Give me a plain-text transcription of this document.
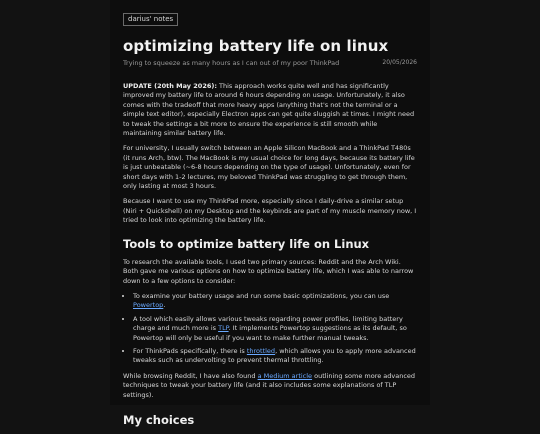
darius' notes
optimizing battery life on linux
Trying to squeeze as many hours as I can out of my poor ThinkPad	20/05/2026

UPDATE (20th May 2026): This approach works quite well and has significantly improved my battery life to around 6 hours depending on usage. Unfortunately, it also comes with the tradeoff that more heavy apps (anything that's not the terminal or a simple text editor), especially Electron apps can get quite sluggish at times. I might need to tweak the settings a bit more to ensure the experience is still smooth while maintaining similar battery life.

For university, I usually switch between an Apple Silicon MacBook and a ThinkPad T480s (it runs Arch, btw). The MacBook is my usual choice for long days, because its battery life is just unbeatable (~6-8 hours depending on the type of usage). Unfortunately, even for short days with 1-2 lectures, my beloved ThinkPad was struggling to get through them, only lasting at most 3 hours.

Because I want to use my ThinkPad more, especially since I daily-drive a similar setup (Niri + Quickshell) on my Desktop and the keybinds are part of my muscle memory now, I tried to look into optimizing the battery life.

Tools to optimize battery life on Linux

To research the available tools, I used two primary sources: Reddit and the Arch Wiki. Both gave me various options on how to optimize battery life, which I was able to narrow down to a few options to consider:

• To examine your battery usage and run some basic optimizations, you can use Powertop.
• A tool which easily allows various tweaks regarding power profiles, limiting battery charge and much more is TLP. It implements Powertop suggestions as its default, so Powertop will only be useful if you want to make further manual tweaks.
• For ThinkPads specifically, there is throttled, which allows you to apply more advanced tweaks such as undervolting to prevent thermal throttling.

While browsing Reddit, I have also found a Medium article outlining some more advanced techniques to tweak your battery life (and it also includes some explanations of TLP settings).

My choices
